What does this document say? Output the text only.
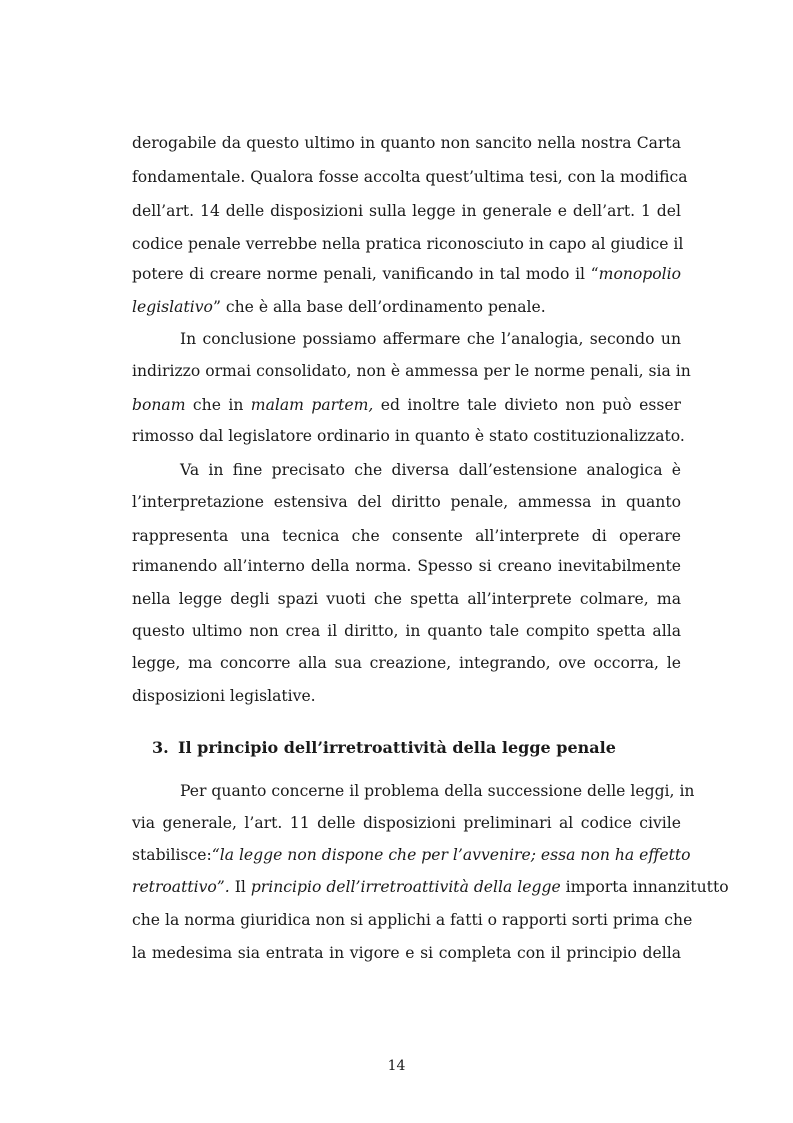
derogabile da questo ultimo in quanto non sancito nella nostra Carta
fondamentale. Qualora fosse accolta quest’ultima tesi, con la modifica
dell’art. 14 delle disposizioni sulla legge in generale e dell’art. 1 del
codice penale verrebbe nella pratica riconosciuto in capo al giudice il
potere di creare norme penali, vanificando in tal modo il “monopolio
legislativo” che è alla base dell’ordinamento penale.
In conclusione possiamo affermare che l’analogia, secondo un
indirizzo ormai consolidato, non è ammessa per le norme penali, sia in
bonam che in malam partem, ed inoltre tale divieto non può esser
rimosso dal legislatore ordinario in quanto è stato costituzionalizzato.
Va in fine precisato che diversa dall’estensione analogica è
l’interpretazione estensiva del diritto penale, ammessa in quanto
rappresenta una tecnica che consente all’interprete di operare
rimanendo all’interno della norma. Spesso si creano inevitabilmente
nella legge degli spazi vuoti che spetta all’interprete colmare, ma
questo ultimo non crea il diritto, in quanto tale compito spetta alla
legge, ma concorre alla sua creazione, integrando, ove occorra, le
disposizioni legislative.
3. Il principio dell’irretroattività della legge penale
Per quanto concerne il problema della successione delle leggi, in
via generale, l’art. 11 delle disposizioni preliminari al codice civile
stabilisce:“la legge non dispone che per l’avvenire; essa non ha effetto
retroattivo”. Il principio dell’irretroattività della legge importa innanzitutto
che la norma giuridica non si applichi a fatti o rapporti sorti prima che
la medesima sia entrata in vigore e si completa con il principio della
14
